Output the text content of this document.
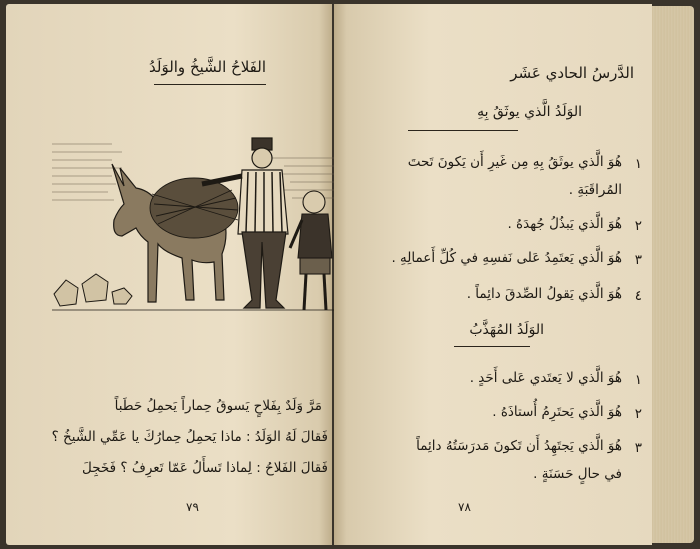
الفَلاحُ الشَّيخُ والوَلَدُ
مَرَّ وَلَدٌ بِفَلاحٍ يَسوقُ حِماراً يَحمِلُ حَطَباً
فَقالَ لَهُ الوَلَدُ : ماذا يَحمِلُ حِمارُكَ يا عَمِّي الشَّيخُ ؟
فَقالَ الفَلاحُ : لِماذا تَسأَلُ عَمّا تَعرِفُ ؟ فَخَجِلَ
٧٩
الدَّرسُ الحادي عَشَر
الوَلَدُ الَّذي يوثَقُ بِهِ
١
هُوَ الَّذي يوثَقُ بِهِ مِن غَيرِ أَن يَكونَ تَحتَ
المُراقَبَةِ .
٢
هُوَ الَّذي يَبذُلُ جُهدَهُ .
٣
هُوَ الَّذي يَعتَمِدُ عَلى نَفسِهِ في كُلِّ أَعمالِهِ .
٤
هُوَ الَّذي يَقولُ الصِّدقَ دائِماً .
الوَلَدُ المُهَذَّبُ
١
هُوَ الَّذي لا يَعتَدي عَلى أَحَدٍ .
٢
هُوَ الَّذي يَحتَرِمُ أُستاذَهُ .
٣
هُوَ الَّذي يَجتَهِدُ أَن تَكونَ مَدرَسَتُهُ دائِماً
في حالٍ حَسَنَةٍ .
٧٨
